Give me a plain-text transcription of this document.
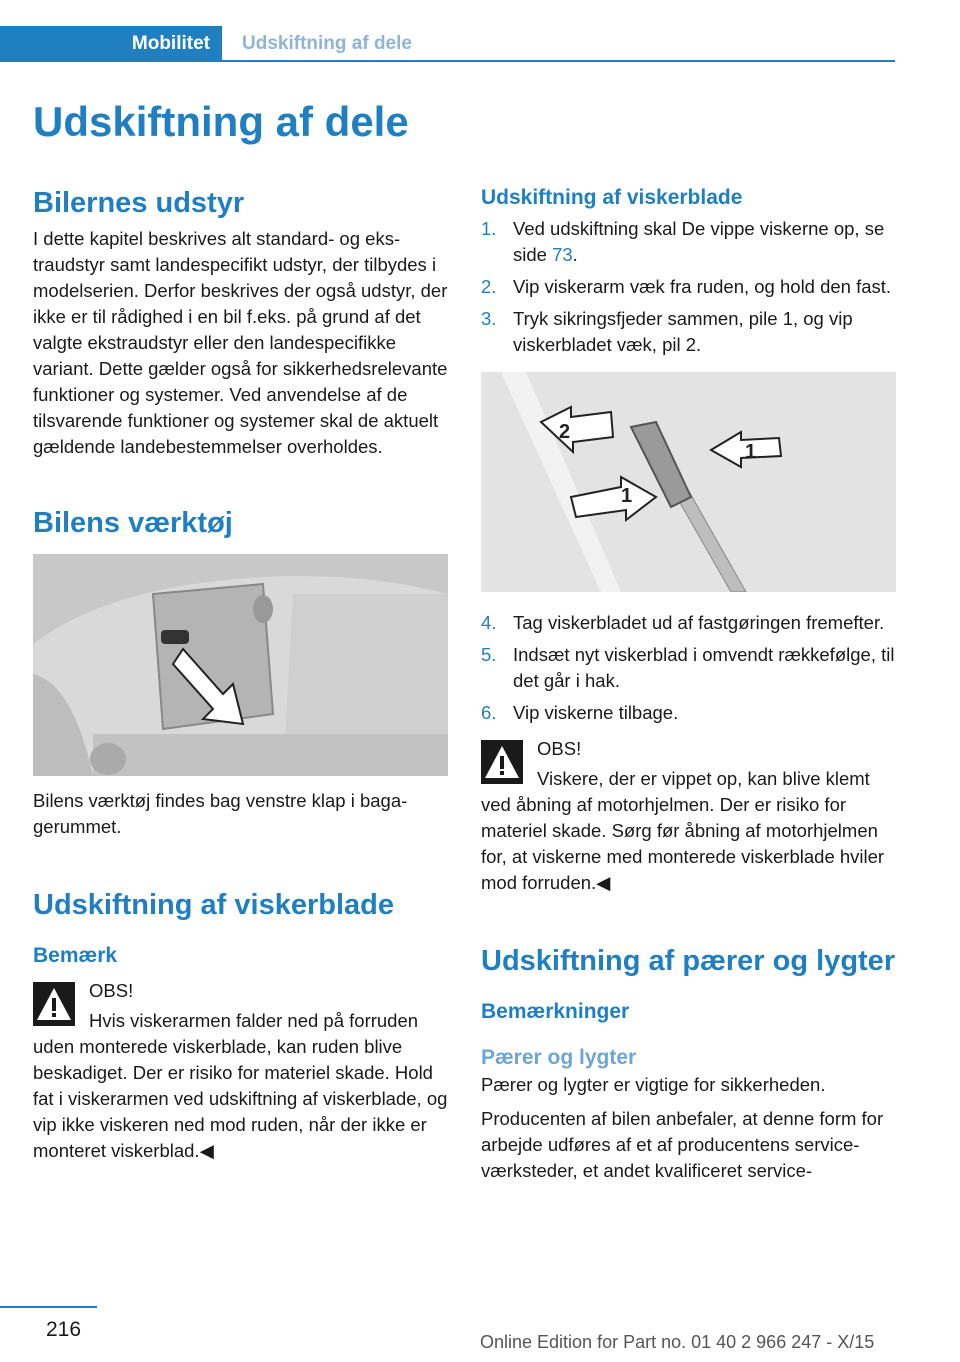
Mobilitet	Udskiftning af dele
Udskiftning af dele
Bilernes udstyr

I dette kapitel beskrives alt standard- og ekstraudstyr samt landespecifikt udstyr, der tilbydes i modelserien. Derfor beskrives der også udstyr, der ikke er til rådighed i en bil f.eks. på grund af det valgte ekstraudstyr eller den landespecifikke variant. Dette gælder også for sikkerhedsrelevante funktioner og systemer. Ved anvendelse af de tilsvarende funktioner og systemer skal de aktuelt gældende landebestemmelser overholdes.

Bilens værktøj

Bilens værktøj findes bag venstre klap i bagagerummet.

Udskiftning af viskerblade
Bemærk

OBS!

Hvis viskerarmen falder ned på forruden uden monterede viskerblade, kan ruden blive beskadiget. Der er risiko for materiel skade. Hold fat i viskerarmen ved udskiftning af viskerblade, og vip ikke viskeren ned mod ruden, når der ikke er monteret viskerblad.◀

Udskiftning af viskerblade
1. Ved udskiftning skal De vippe viskerne op, se side 73.
2. Vip viskerarm væk fra ruden, og hold den fast.
3. Tryk sikringsfjeder sammen, pile 1, og vip viskerbladet væk, pil 2.
2
1
1
4. Tag viskerbladet ud af fastgøringen fremefter.
5. Indsæt nyt viskerblad i omvendt rækkefølge, til det går i hak.
6. Vip viskerne tilbage.

OBS!

Viskere, der er vippet op, kan blive klemt ved åbning af motorhjelmen. Der er risiko for materiel skade. Sørg før åbning af motorhjelmen for, at viskerne med monterede viskerblade hviler mod forruden.◀

Udskiftning af pærer og lygter
Bemærkninger
Pærer og lygter

Pærer og lygter er vigtige for sikkerheden.

Producenten af bilen anbefaler, at denne form for arbejde udføres af et af producentens serviceværksteder, et andet kvalificeret service-

216
Online Edition for Part no. 01 40 2 966 247 - X/15
